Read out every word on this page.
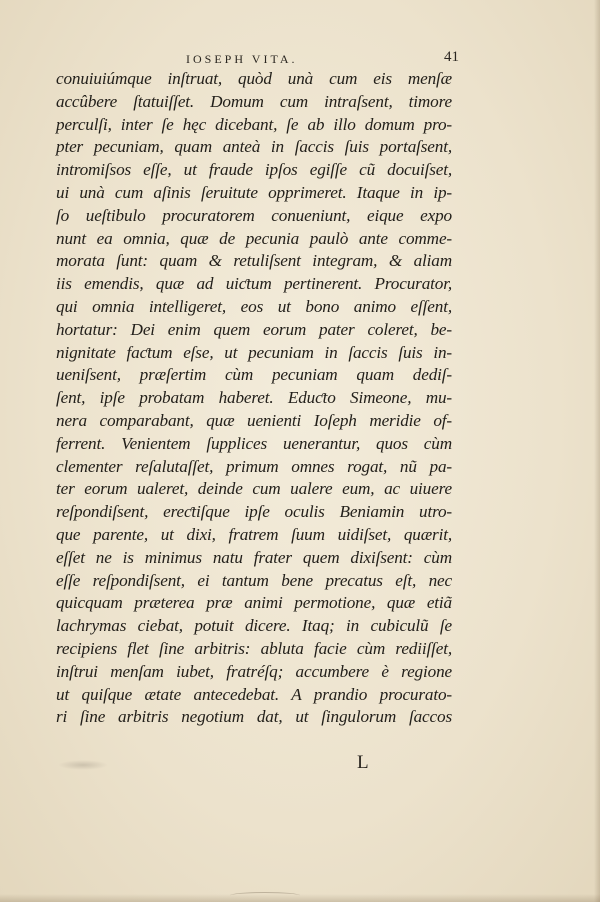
IOSEPH VITA.	41
conuiuiúmque inſtruat, quòd unà cum eis menſæ
accûbere ſtatuiſſet. Domum cum intraſsent, timore
perculſi, inter ſe hęc dicebant, ſe ab illo domum pro-
pter pecuniam, quam anteà in ſaccis ſuis portaſsent,
intromiſsos eſſe, ut fraude ipſos egiſſe cũ docuiſset,
ui unà cum aſinis ſeruitute opprimeret. Itaque in ip-
ſo ueſtibulo procuratorem conueniunt, eique expo
nunt ea omnia, quæ de pecunia paulò ante comme-
morata ſunt: quam & retuliſsent integram, & aliam
iis emendis, quæ ad uiƈtum pertinerent. Procurator,
qui omnia intelligeret, eos ut bono animo eſſent,
hortatur: Dei enim quem eorum pater coleret, be-
nignitate faƈtum eſse, ut pecuniam in ſaccis ſuis in-
ueniſsent, præſertim cùm pecuniam quam dediſ-
ſent, ipſe probatam haberet. Eduƈto Simeone, mu-
nera comparabant, quæ uenienti Ioſeph meridie of-
ferrent. Venientem ſupplices uenerantur, quos cùm
clementer reſalutaſſet, primum omnes rogat, nũ pa-
ter eorum ualeret, deinde cum ualere eum, ac uiuere
reſpondiſsent, ereƈtiſque ipſe oculis Beniamin utro-
que parente, ut dixi, fratrem ſuum uidiſset, quærit,
eſſet ne is minimus natu frater quem dixiſsent: cùm
eſſe reſpondiſsent, ei tantum bene precatus eſt, nec
quicquam præterea præ animi permotione, quæ etiã
lachrymas ciebat, potuit dicere. Itaq; in cubiculũ ſe
recipiens flet ſine arbitris: abluta facie cùm rediiſſet,
inſtrui menſam iubet, fratréſq; accumbere è regione
ut quiſque ætate antecedebat. A prandio procurato-
ri ſine arbitris negotium dat, ut ſingulorum ſaccos
L
